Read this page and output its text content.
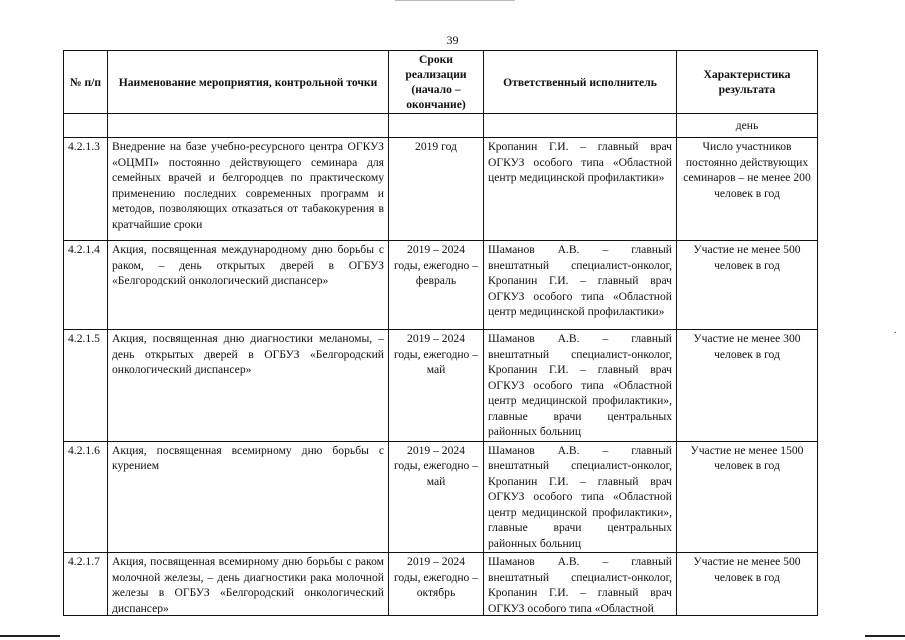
39
·
№ п/п	Наименование мероприятия, контрольной точки	Сроки реализации (начало – окончание)	Ответственный исполнитель	Характеристика результата
				день
4.2.1.3	Внедрение на базе учебно-ресурсного центра ОГКУЗ «ОЦМП» постоянно действующего семинара для семейных врачей и белгородцев по практическому применению последних современных программ и методов, позволяющих отказаться от табакокурения в кратчайшие сроки	2019 год	Кропанин Г.И. – главный врач ОГКУЗ особого типа «Областной центр медицинской профилактики»	Число участников постоянно действующих семинаров – не менее 200 человек в год
4.2.1.4	Акция, посвященная международному дню борьбы с раком, – день открытых дверей в ОГБУЗ «Белгородский онкологический диспансер»	2019 – 2024 годы, ежегодно – февраль	Шаманов А.В. – главный внештатный специалист-онколог, Кропанин Г.И. – главный врач ОГКУЗ особого типа «Областной центр медицинской профилактики»	Участие не менее 500 человек в год
4.2.1.5	Акция, посвященная дню диагностики меланомы, – день открытых дверей в ОГБУЗ «Белгородский онкологический диспансер»	2019 – 2024 годы, ежегодно – май	Шаманов А.В. – главный внештатный специалист-онколог, Кропанин Г.И. – главный врач ОГКУЗ особого типа «Областной центр медицинской профилактики», главные врачи центральных районных больниц	Участие не менее 300 человек в год
4.2.1.6	Акция, посвященная всемирному дню борьбы с курением	2019 – 2024 годы, ежегодно – май	Шаманов А.В. – главный внештатный специалист-онколог, Кропанин Г.И. – главный врач ОГКУЗ особого типа «Областной центр медицинской профилактики», главные врачи центральных районных больниц	Участие не менее 1500 человек в год
4.2.1.7	Акция, посвященная всемирному дню борьбы с раком молочной железы, – день диагностики рака молочной железы в ОГБУЗ «Белгородский онкологический диспансер»	2019 – 2024 годы, ежегодно – октябрь	Шаманов А.В. – главный внештатный специалист-онколог, Кропанин Г.И. – главный врач ОГКУЗ особого типа «Областной	Участие не менее 500 человек в год
